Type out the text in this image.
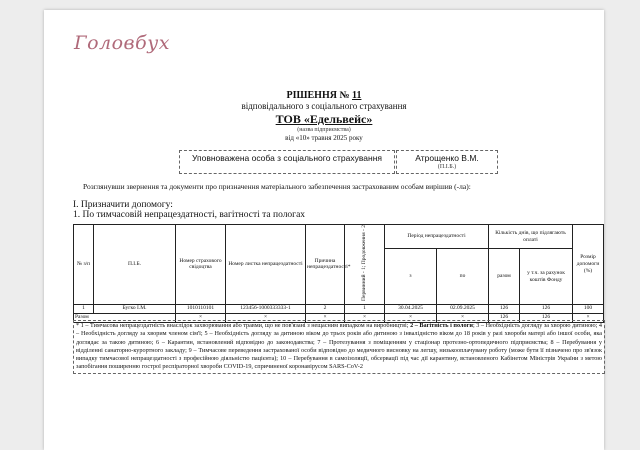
Головбух
РІШЕННЯ № 11
відповідального з соціального страхування
ТОВ «Едельвейс»
(назва підприємства)
від «10» травня 2025 року
Уповноважена особа з соціального страхування	Атрощенко В.М.
(П.І.Б.)
Розглянувши звернення та документи про призначення матеріального забезпечення застрахованим особам вирішив (-ла):
І. Призначити допомогу:
1. По тимчасовій непрацездатності, вагітності та пологах
№ з/п	П.І.Б.	Номер страхового свідоцтва	Номер листка непрацездатності	Причина непрацездатності*	Первинний - 1; Продовження - 2	Період непрацездатності		Кількість днів, що підлягають оплаті		Розмір допомоги (%)
						з	по	разом	у т.ч. за рахунок коштів Фонду	
1	Бугко І.М.	1010110101	123456-1000333333-1	2	1	30.04.2025	02.09.2025	126	126	100
Разом		×	×	×	×	×	×	126	126	×
* 1 – Тимчасова непрацездатність внаслідок захворювання або травми, що не пов'язані з нещасним випадком на виробництві; 2 – Вагітність і пологи; 3 – Необхідність догляду за хворою дитиною; 4 – Необхідність догляду за хворим членом сім'ї; 5 – Необхідність догляду за дитиною віком до трьох років або дитиною з інвалідністю віком до 18 років у разі хвороби матері або іншої особи, яка доглядає за такою дитиною; 6 – Карантин, встановлений відповідно до законодавства; 7 – Протезування з поміщенням у стаціонар протезно-ортопедичного підприємства; 8 – Перебування у відділенні санаторно-курортного закладу; 9 – Тимчасове переведення застрахованої особи відповідно до медичного висновку на легшу, низькооплачувану роботу (може бути її пізначено про зв'язок випадку тимчасової непрацездатності з професійною діяльністю пацієнта); 10 – Перебування в самоізоляції, обсервації під час дії карантину, встановленого Кабінетом Міністрів України з метою запобігання поширенню гострої респіраторної хвороби COVID-19, спричиненої коронавірусом SARS-CoV-2
